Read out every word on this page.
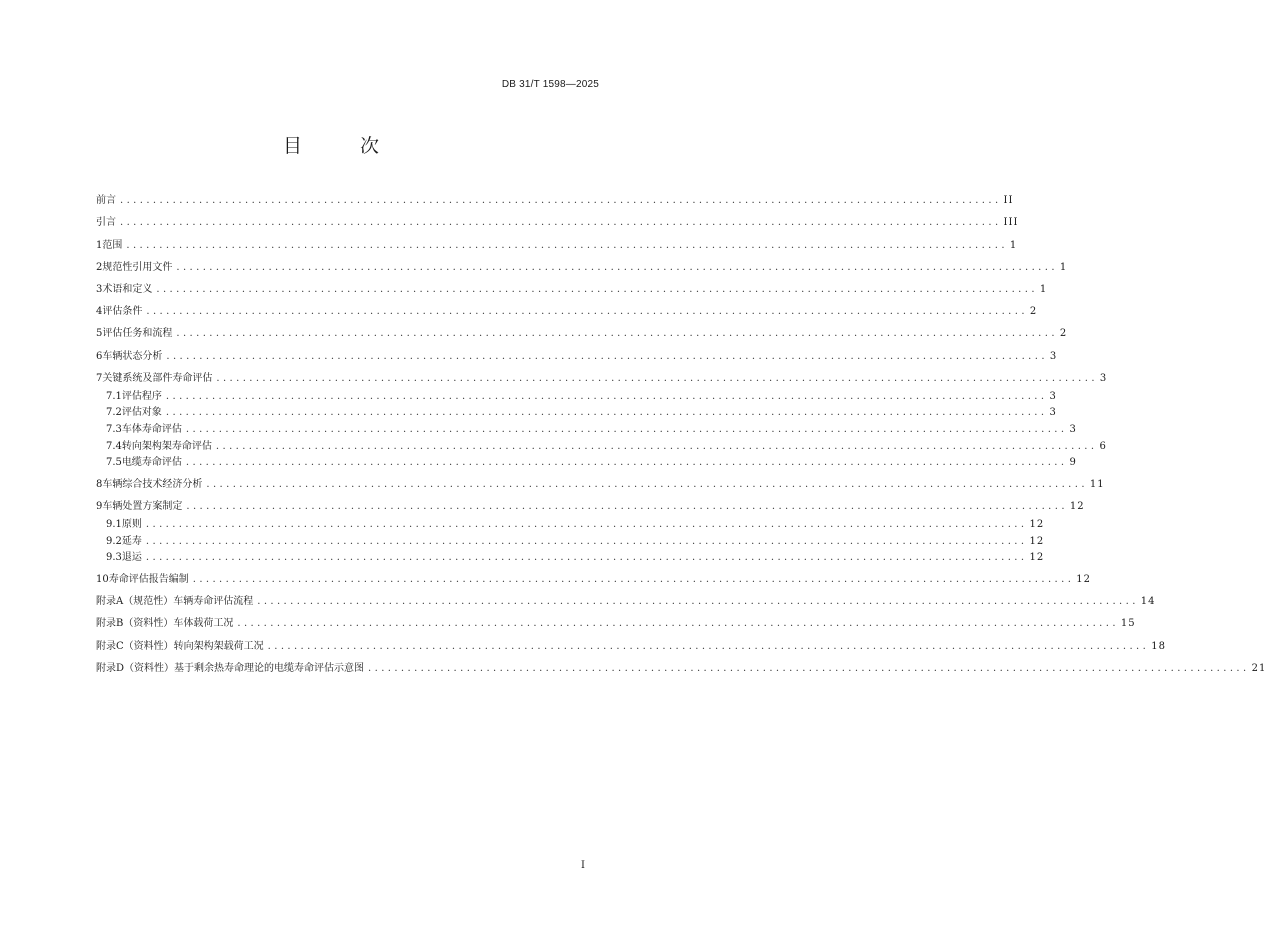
DB 31/T 1598—2025
目 次
前言 ...................................................................................................................................... II
引言 ...................................................................................................................................... III
1 范围 ...................................................................................................................................... 1
2 规范性引用文件 ...................................................................................................................................... 1
3 术语和定义 ...................................................................................................................................... 1
4 评估条件 ...................................................................................................................................... 2
5 评估任务和流程 ...................................................................................................................................... 2
6 车辆状态分析 ...................................................................................................................................... 3
7 关键系统及部件寿命评估 ...................................................................................................................................... 3
7.1 评估程序 ...................................................................................................................................... 3
7.2 评估对象 ...................................................................................................................................... 3
7.3 车体寿命评估 ...................................................................................................................................... 3
7.4 转向架构架寿命评估 ...................................................................................................................................... 6
7.5 电缆寿命评估 ...................................................................................................................................... 9
8 车辆综合技术经济分析 ...................................................................................................................................... 11
9 车辆处置方案制定 ...................................................................................................................................... 12
9.1 原则 ...................................................................................................................................... 12
9.2 延寿 ...................................................................................................................................... 12
9.3 退运 ...................................................................................................................................... 12
10 寿命评估报告编制 ...................................................................................................................................... 12
附录A（规范性） 车辆寿命评估流程 ...................................................................................................................................... 14
附录B（资料性） 车体载荷工况 ...................................................................................................................................... 15
附录C（资料性） 转向架构架载荷工况 ...................................................................................................................................... 18
附录D（资料性） 基于剩余热寿命理论的电缆寿命评估示意图 ...................................................................................................................................... 21
I
